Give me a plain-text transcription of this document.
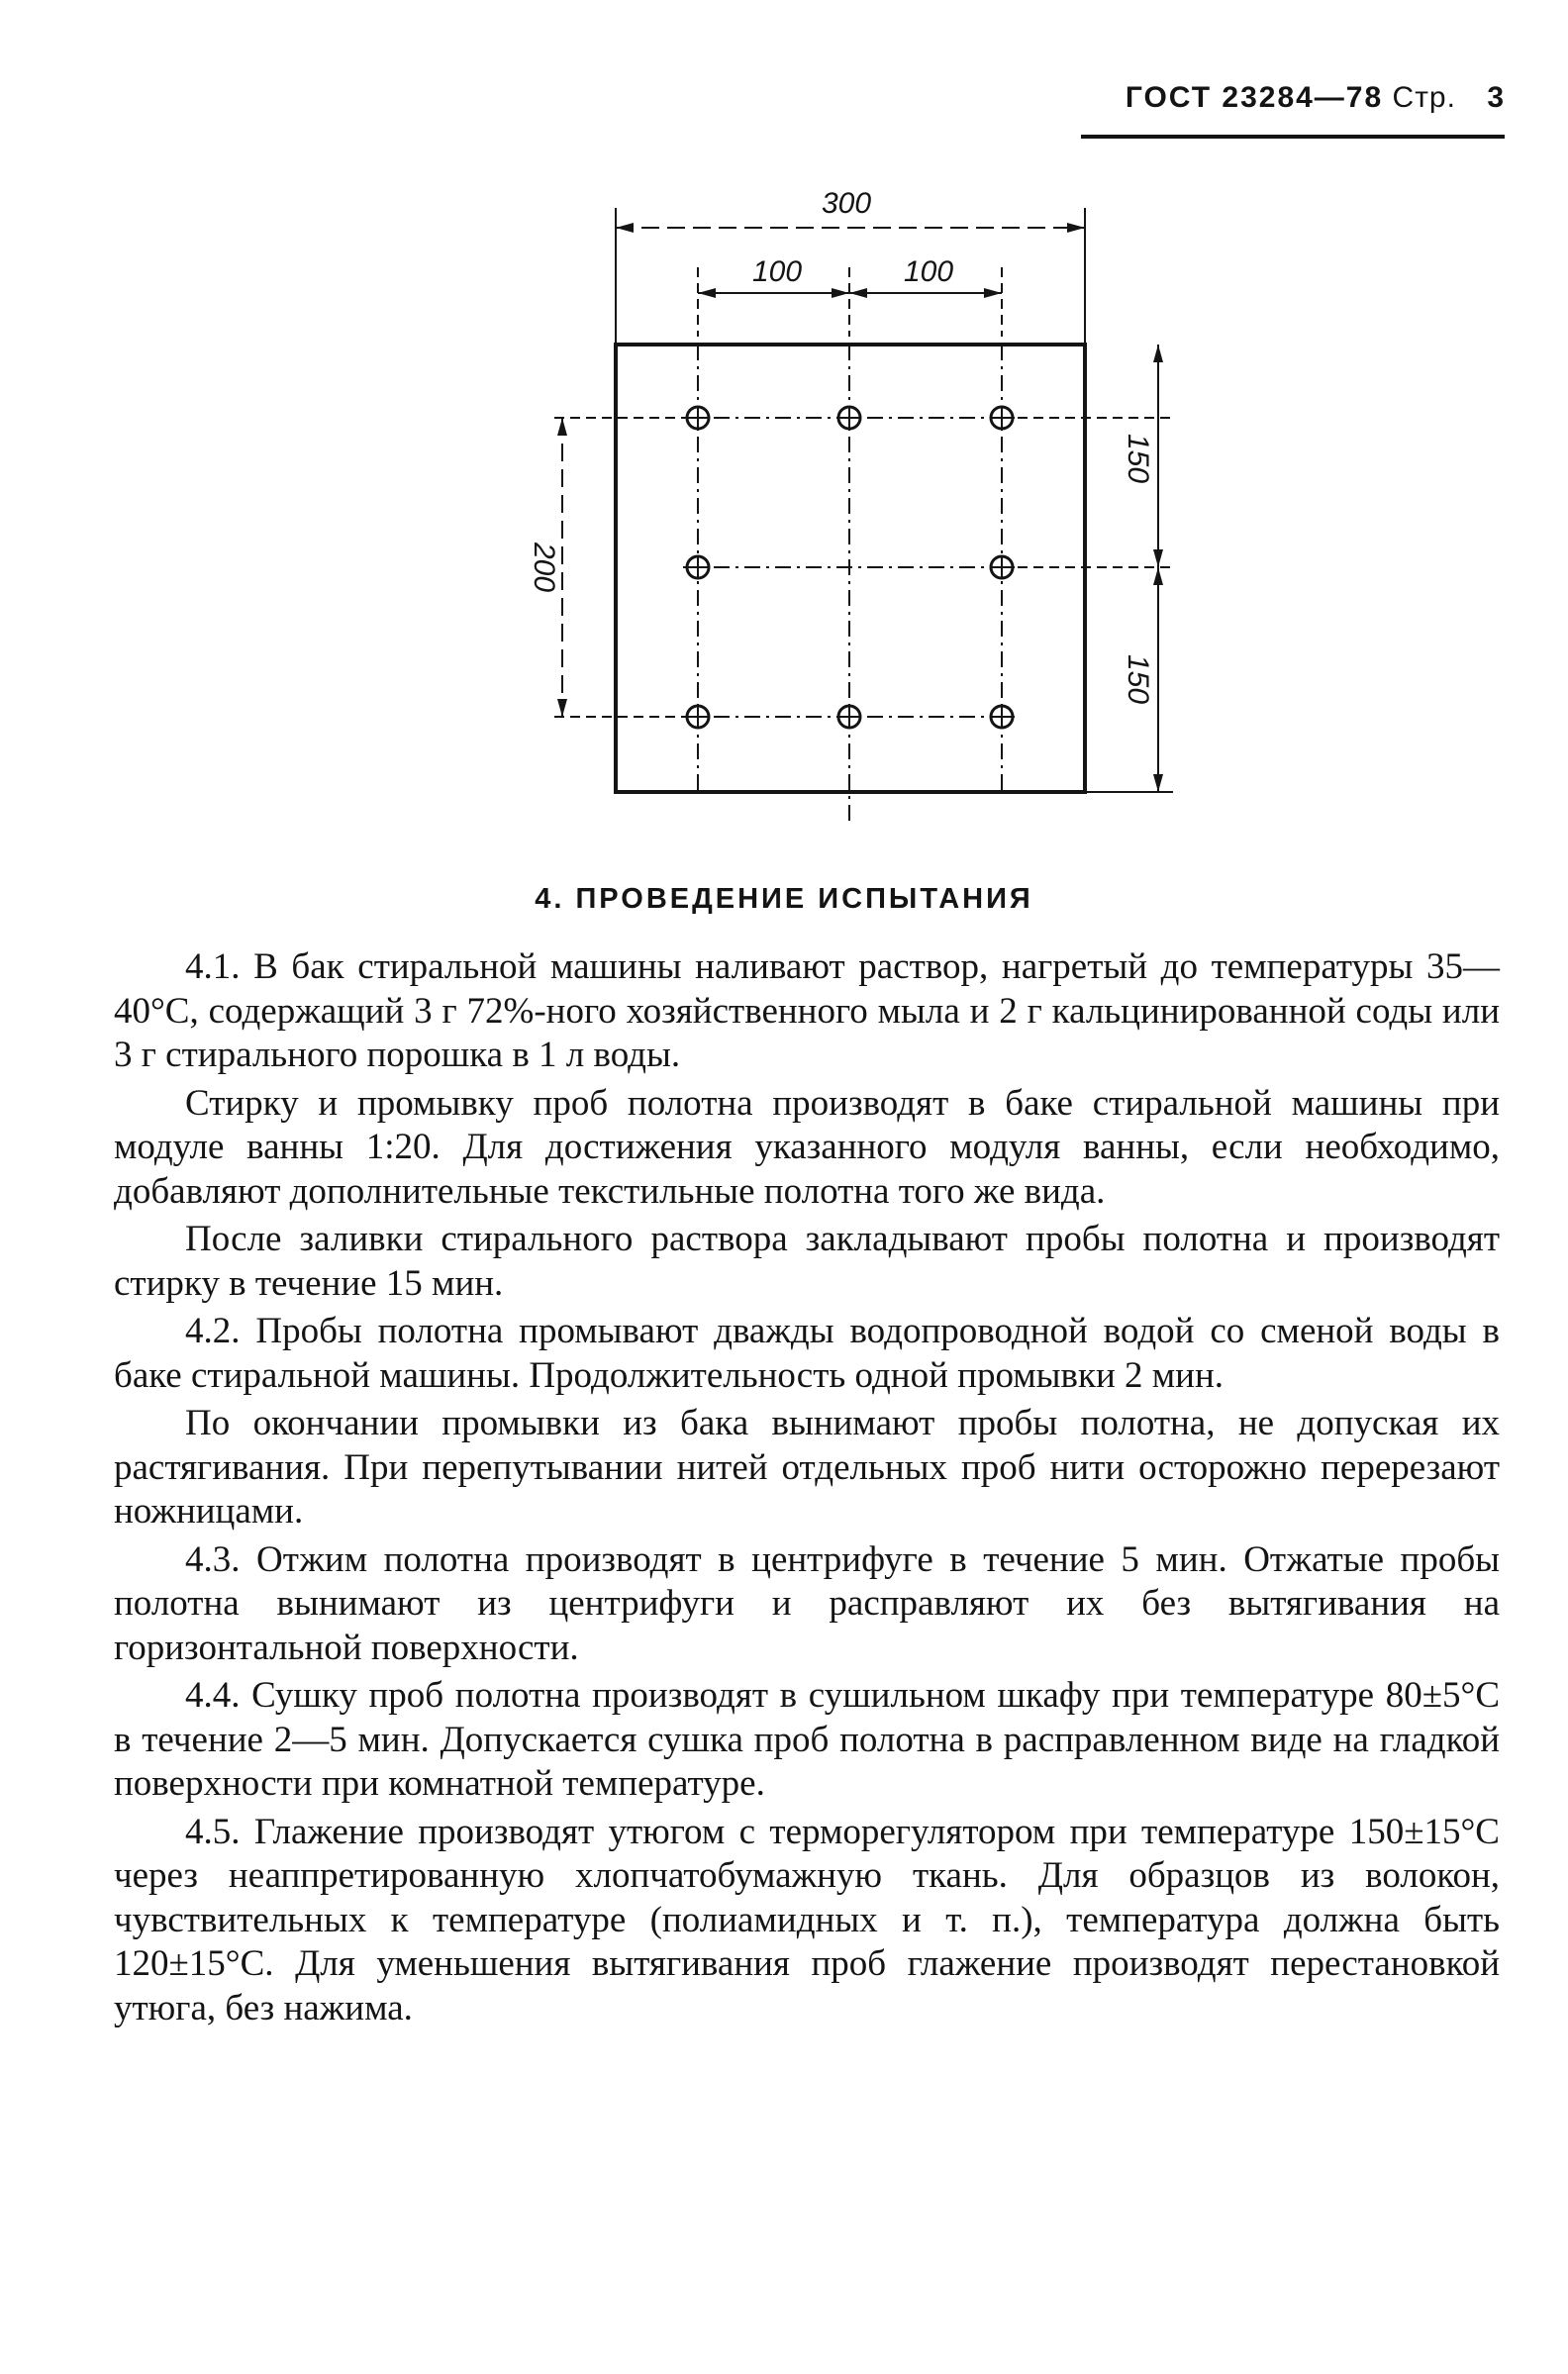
ГОСТ 23284—78 Стр. 3
300
100	100
200
150
150
4. ПРОВЕДЕНИЕ ИСПЫТАНИЯ

4.1. В бак стиральной машины наливают раствор, нагретый до температуры 35—40°С, содержащий 3 г 72%-ного хозяйственного мыла и 2 г кальцинированной соды или 3 г стирального порошка в 1 л воды.

Стирку и промывку проб полотна производят в баке стиральной машины при модуле ванны 1:20. Для достижения указанного модуля ванны, если необходимо, добавляют дополнительные текстильные полотна того же вида.

После заливки стирального раствора закладывают пробы полотна и производят стирку в течение 15 мин.

4.2. Пробы полотна промывают дважды водопроводной водой со сменой воды в баке стиральной машины. Продолжительность одной промывки 2 мин.

По окончании промывки из бака вынимают пробы полотна, не допуская их растягивания. При перепутывании нитей отдельных проб нити осторожно перерезают ножницами.

4.3. Отжим полотна производят в центрифуге в течение 5 мин. Отжатые пробы полотна вынимают из центрифуги и расправляют их без вытягивания на горизонтальной поверхности.

4.4. Сушку проб полотна производят в сушильном шкафу при температуре 80±5°С в течение 2—5 мин. Допускается сушка проб полотна в расправленном виде на гладкой поверхности при комнатной температуре.

4.5. Глажение производят утюгом с терморегулятором при температуре 150±15°С через неаппретированную хлопчатобумажную ткань. Для образцов из волокон, чувствительных к температуре (полиамидных и т. п.), температура должна быть 120±15°С. Для уменьшения вытягивания проб глажение производят перестановкой утюга, без нажима.
